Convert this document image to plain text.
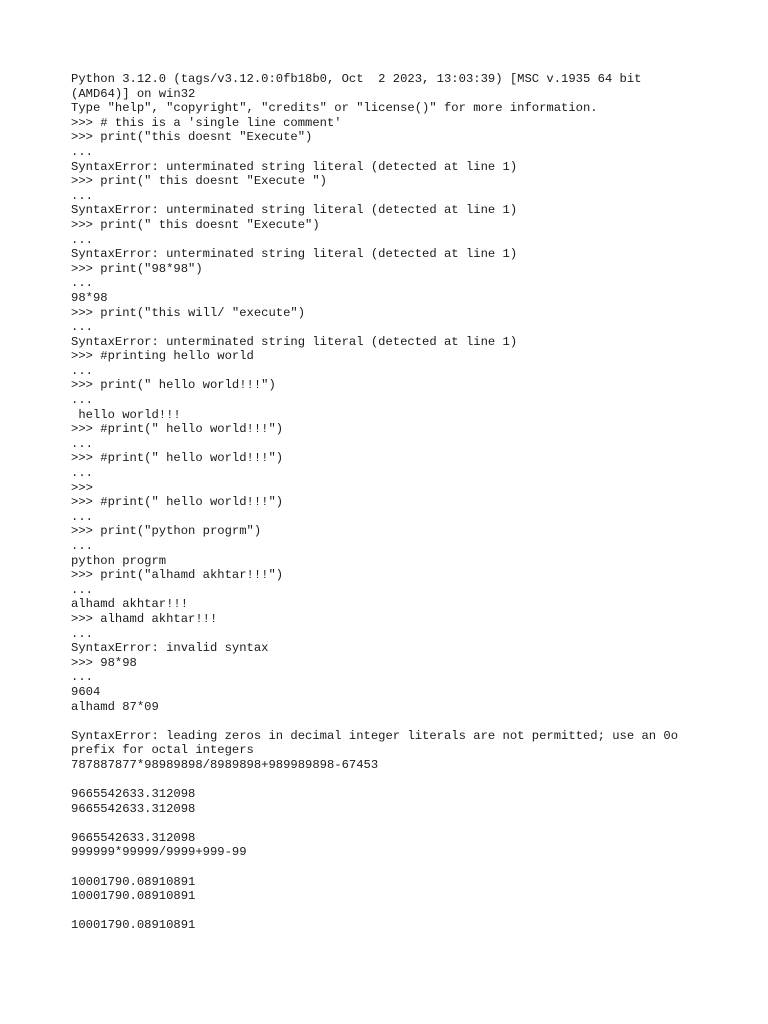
Python 3.12.0 (tags/v3.12.0:0fb18b0, Oct  2 2023, 13:03:39) [MSC v.1935 64 bit
(AMD64)] on win32
Type "help", "copyright", "credits" or "license()" for more information.
>>> # this is a 'single line comment'
>>> print("this doesnt "Execute")
...
SyntaxError: unterminated string literal (detected at line 1)
>>> print(" this doesnt "Execute ")
...
SyntaxError: unterminated string literal (detected at line 1)
>>> print(" this doesnt "Execute")
...
SyntaxError: unterminated string literal (detected at line 1)
>>> print("98*98")
...
98*98
>>> print("this will/ "execute")
...
SyntaxError: unterminated string literal (detected at line 1)
>>> #printing hello world
...
>>> print(" hello world!!!")
...
hello world!!!
>>> #print(" hello world!!!")
...
>>> #print(" hello world!!!")
...
>>>
>>> #print(" hello world!!!")
...
>>> print("python progrm")
...
python progrm
>>> print("alhamd akhtar!!!")
...
alhamd akhtar!!!
>>> alhamd akhtar!!!
...
SyntaxError: invalid syntax
>>> 98*98
...
9604
alhamd 87*09
SyntaxError: leading zeros in decimal integer literals are not permitted; use an 0o
prefix for octal integers
787887877*98989898/8989898+989989898-67453
9665542633.312098
9665542633.312098
9665542633.312098
999999*99999/9999+999-99
10001790.08910891
10001790.08910891
10001790.08910891
